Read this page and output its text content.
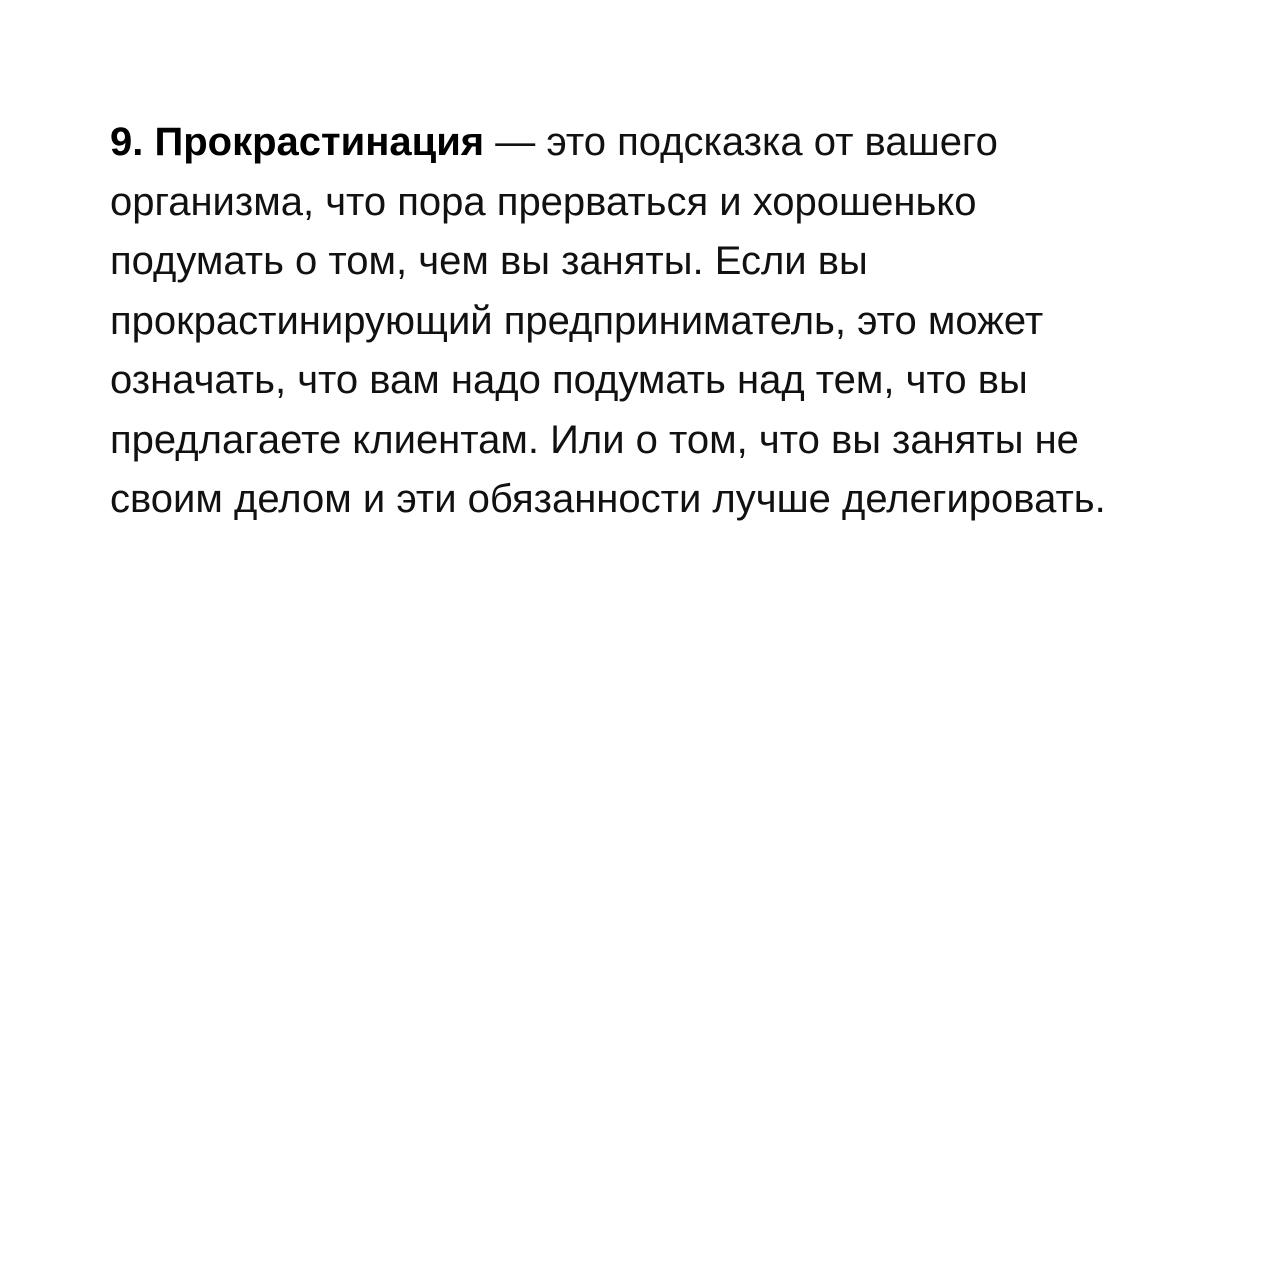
9. Прокрастинация — это подсказка от вашего
организма, что пора прерваться и хорошенько
подумать о том, чем вы заняты. Если вы
прокрастинирующий предприниматель, это может
означать, что вам надо подумать над тем, что вы
предлагаете клиентам. Или о том, что вы заняты не
своим делом и эти обязанности лучше делегировать.
